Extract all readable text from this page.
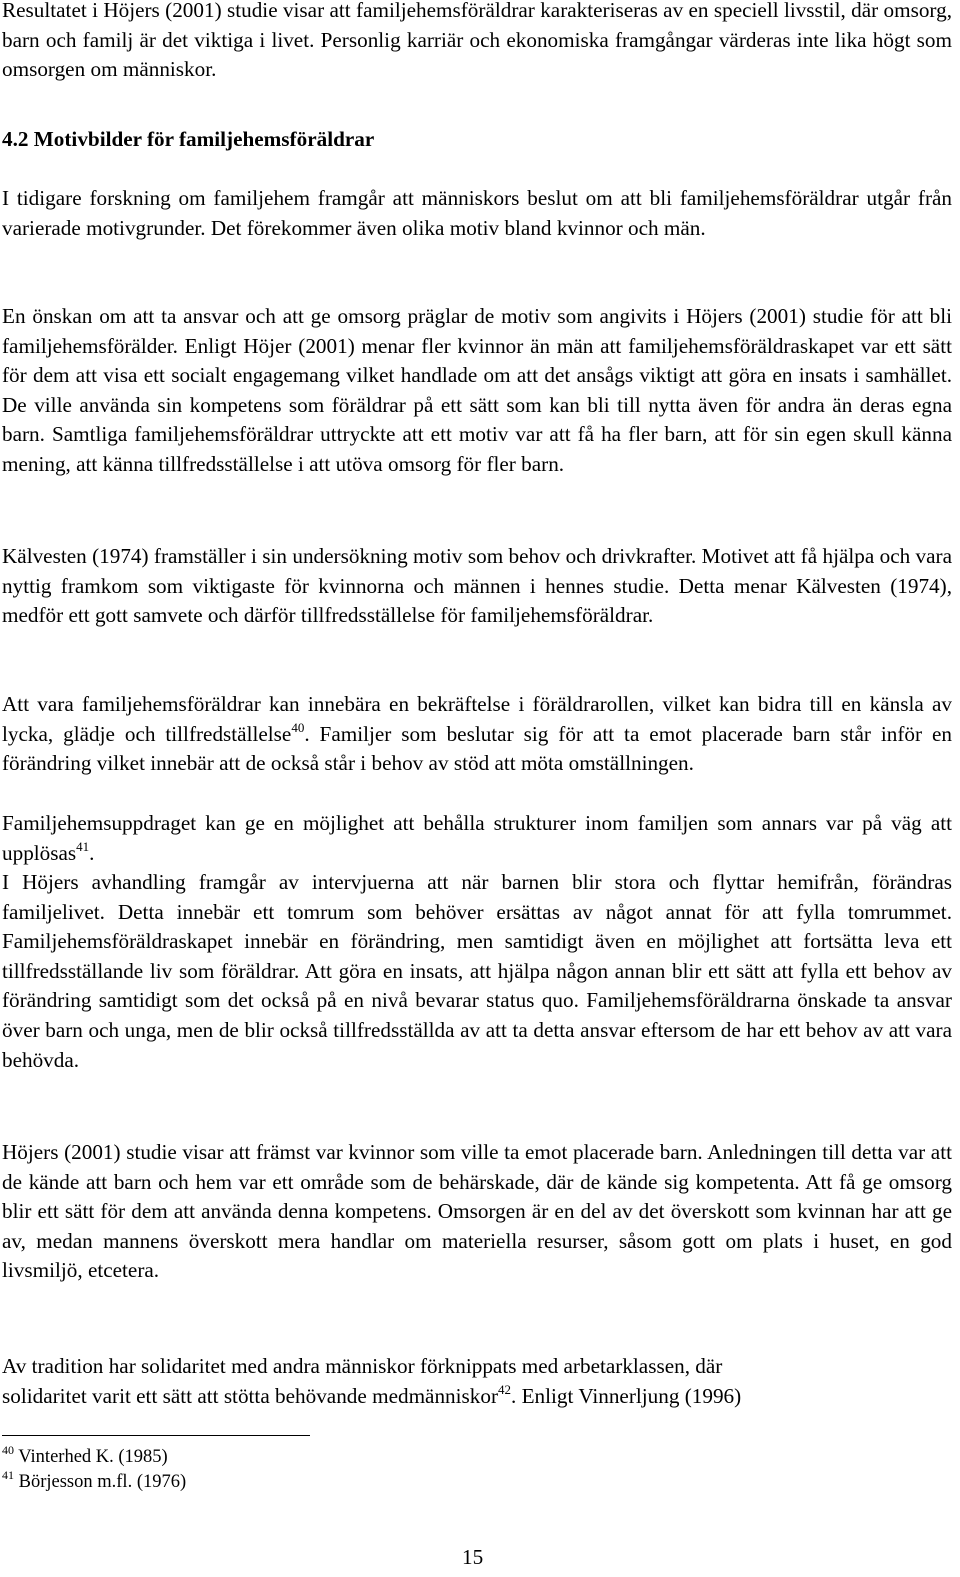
Resultatet i Höjers (2001) studie visar att familjehemsföräldrar karakteriseras av en speciell livsstil, där omsorg, barn och familj är det viktiga i livet. Personlig karriär och ekonomiska framgångar värderas inte lika högt som omsorgen om människor.

4.2 Motivbilder för familjehemsföräldrar

I tidigare forskning om familjehem framgår att människors beslut om att bli familjehemsföräldrar utgår från varierade motivgrunder. Det förekommer även olika motiv bland kvinnor och män.

En önskan om att ta ansvar och att ge omsorg präglar de motiv som angivits i Höjers (2001) studie för att bli familjehemsförälder. Enligt Höjer (2001) menar fler kvinnor än män att familjehemsföräldraskapet var ett sätt för dem att visa ett socialt engagemang vilket handlade om att det ansågs viktigt att göra en insats i samhället. De ville använda sin kompetens som föräldrar på ett sätt som kan bli till nytta även för andra än deras egna barn. Samtliga familjehemsföräldrar uttryckte att ett motiv var att få ha fler barn, att för sin egen skull känna mening, att känna tillfredsställelse i att utöva omsorg för fler barn.

Kälvesten (1974) framställer i sin undersökning motiv som behov och drivkrafter. Motivet att få hjälpa och vara nyttig framkom som viktigaste för kvinnorna och männen i hennes studie. Detta menar Kälvesten (1974), medför ett gott samvete och därför tillfredsställelse för familjehemsföräldrar.

Att vara familjehemsföräldrar kan innebära en bekräftelse i föräldrarollen, vilket kan bidra till en känsla av lycka, glädje och tillfredställelse$^{40}$. Familjer som beslutar sig för att ta emot placerade barn står inför en förändring vilket innebär att de också står i behov av stöd att möta omställningen.

Familjehemsuppdraget kan ge en möjlighet att behålla strukturer inom familjen som annars var på väg att upplösas$^{41}$.

I Höjers avhandling framgår av intervjuerna att när barnen blir stora och flyttar hemifrån, förändras familjelivet. Detta innebär ett tomrum som behöver ersättas av något annat för att fylla tomrummet. Familjehemsföräldraskapet innebär en förändring, men samtidigt även en möjlighet att fortsätta leva ett tillfredsställande liv som föräldrar. Att göra en insats, att hjälpa någon annan blir ett sätt att fylla ett behov av förändring samtidigt som det också på en nivå bevarar status quo. Familjehemsföräldrarna önskade ta ansvar över barn och unga, men de blir också tillfredsställda av att ta detta ansvar eftersom de har ett behov av att vara behövda.

Höjers (2001) studie visar att främst var kvinnor som ville ta emot placerade barn. Anledningen till detta var att de kände att barn och hem var ett område som de behärskade, där de kände sig kompetenta. Att få ge omsorg blir ett sätt för dem att använda denna kompetens. Omsorgen är en del av det överskott som kvinnan har att ge av, medan mannens överskott mera handlar om materiella resurser, såsom gott om plats i huset, en god livsmiljö, etcetera.

Av tradition har solidaritet med andra människor förknippats med arbetarklassen, där

solidaritet varit ett sätt att stötta behövande medmänniskor$^{42}$. Enligt Vinnerljung (1996)

$^{40}$ Vinterhed K. (1985)

$^{41}$ Börjesson m.fl. (1976)

15
